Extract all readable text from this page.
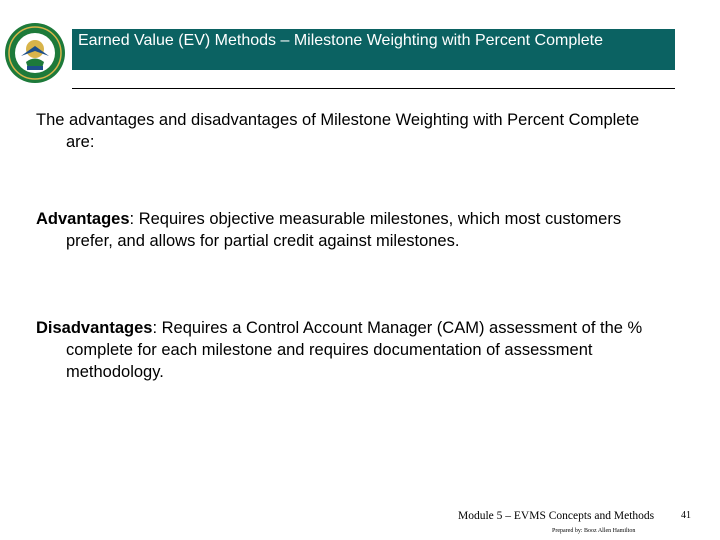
Earned Value (EV) Methods – Milestone Weighting with Percent Complete
The advantages and disadvantages of Milestone Weighting with Percent Complete are:
Advantages: Requires objective measurable milestones, which most customers prefer, and allows for partial credit against milestones.
Disadvantages: Requires a Control Account Manager (CAM) assessment of the % complete for each milestone and requires documentation of assessment methodology.
Module 5 – EVMS Concepts and Methods	41
Prepared by: Booz Allen Hamilton
